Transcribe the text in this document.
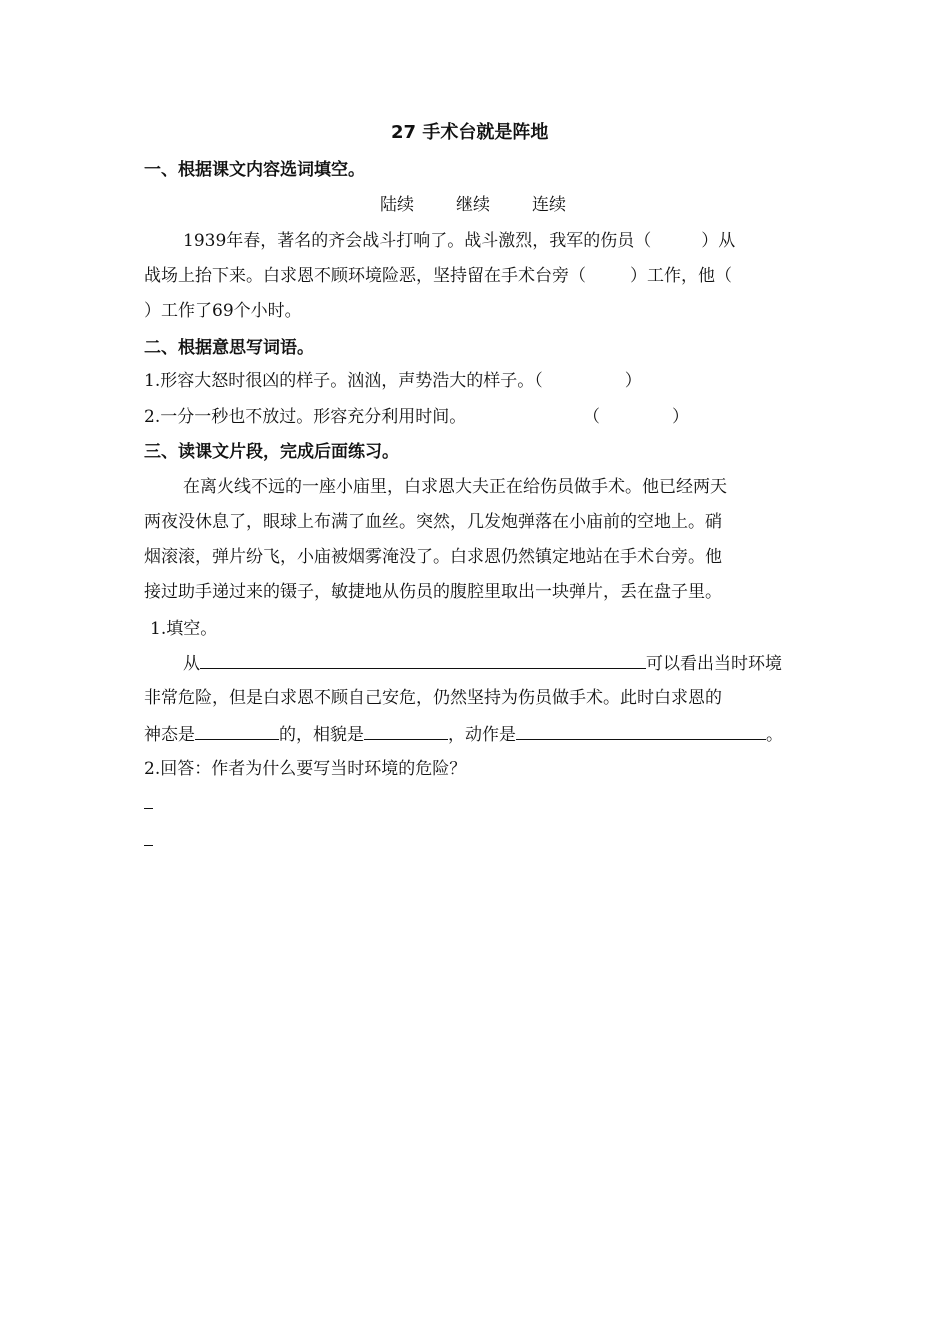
27 手术台就是阵地
一、根据课文内容选词填空。
陆续 继续 连续
1939年春，著名的齐会战斗打响了。战斗激烈，我军的伤员（	）从
战场上抬下来。白求恩不顾环境险恶，坚持留在手术台旁（	）工作，他（
）工作了69个小时。
二、根据意思写词语。
1.形容大怒时很凶的样子。汹汹，声势浩大的样子。（	）
2.一分一秒也不放过。形容充分利用时间。	（	）
三、读课文片段，完成后面练习。
在离火线不远的一座小庙里，白求恩大夫正在给伤员做手术。他已经两天
两夜没休息了，眼球上布满了血丝。突然，几发炮弹落在小庙前的空地上。硝
烟滚滚，弹片纷飞，小庙被烟雾淹没了。白求恩仍然镇定地站在手术台旁。他
接过助手递过来的镊子，敏捷地从伤员的腹腔里取出一块弹片，丢在盘子里。
1.填空。
从	可以看出当时环境
非常危险，但是白求恩不顾自己安危，仍然坚持为伤员做手术。此时白求恩的
神态是	的，相貌是	，动作是	。
2.回答：作者为什么要写当时环境的危险？
